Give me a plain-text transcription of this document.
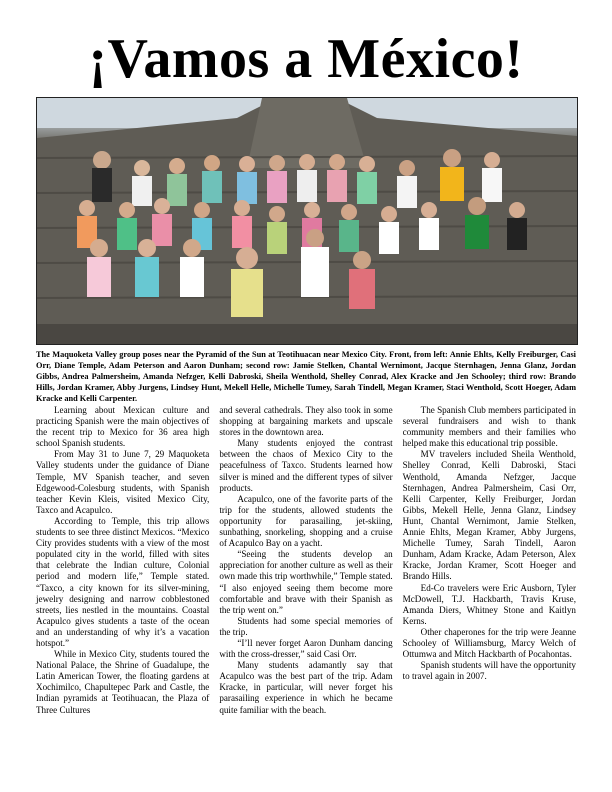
¡Vamos a México!
The Maquoketa Valley group poses near the Pyramid of the Sun at Teotihuacan near Mexico City. Front, from left: Annie Ehlts, Kelly Freiburger, Casi Orr, Diane Temple, Adam Peterson and Aaron Dunham; second row: Jamie Stelken, Chantal Wernimont, Jacque Sternhagen, Jenna Glanz, Jordan Gibbs, Andrea Palmersheim, Amanda Nefzger, Kelli Dabroski, Sheila Wenthold, Shelley Conrad, Alex Kracke and Jen Schooley; third row: Brando Hills, Jordan Kramer, Abby Jurgens, Lindsey Hunt, Mekell Helle, Michelle Tumey, Sarah Tindell, Megan Kramer, Staci Wenthold, Scott Hoeger, Adam Kracke and Kelli Carpenter.

Learning about Mexican culture and practicing Spanish were the main objectives of the recent trip to Mexico for 36 area high school Spanish students.

From May 31 to June 7, 29 Maquoketa Valley students under the guidance of Diane Temple, MV Spanish teacher, and seven Edgewood-Colesburg students, with Spanish teacher Kevin Kleis, visited Mexico City, Taxco and Acapulco.

According to Temple, this trip allows students to see three distinct Mexicos. “Mexico City provides students with a view of the most populated city in the world, filled with sites that celebrate the Indian culture, Colonial period and modern life,” Temple stated. “Taxco, a city known for its silver-mining, jewelry designing and narrow cobblestoned streets, lies nestled in the mountains. Coastal Acapulco gives students a taste of the ocean and an understanding of why it’s a vacation hotspot.”

While in Mexico City, students toured the National Palace, the Shrine of Guadalupe, the Latin American Tower, the floating gardens at Xochimilco, Chapultepec Park and Castle, the Indian pyramids at Teotihuacan, the Plaza of Three Cultures

and several cathedrals. They also took in some shopping at bargaining markets and upscale stores in the downtown area.

Many students enjoyed the contrast between the chaos of Mexico City to the peacefulness of Taxco. Students learned how silver is mined and the different types of silver products.

Acapulco, one of the favorite parts of the trip for the students, allowed students the opportunity for parasailing, jet-skiing, sunbathing, snorkeling, shopping and a cruise of Acapulco Bay on a yacht.

“Seeing the students develop an appreciation for another culture as well as their own made this trip worthwhile,” Temple stated. “I also enjoyed seeing them become more comfortable and brave with their Spanish as the trip went on.”

Students had some special memories of the trip.

“I’ll never forget Aaron Dunham dancing with the cross-dresser,” said Casi Orr.

Many students adamantly say that Acapulco was the best part of the trip. Adam Kracke, in particular, will never forget his parasailing experience in which he became quite familiar with the beach.

The Spanish Club members participated in several fundraisers and wish to thank community members and their families who helped make this educational trip possible.

MV travelers included Sheila Wenthold, Shelley Conrad, Kelli Dabroski, Staci Wenthold, Amanda Nefzger, Jacque Sternhagen, Andrea Palmersheim, Casi Orr, Kelli Carpenter, Kelly Freiburger, Jordan Gibbs, Mekell Helle, Jenna Glanz, Lindsey Hunt, Chantal Wernimont, Jamie Stelken, Annie Ehlts, Megan Kramer, Abby Jurgens, Michelle Tumey, Sarah Tindell, Aaron Dunham, Adam Kracke, Adam Peterson, Alex Kracke, Jordan Kramer, Scott Hoeger and Brando Hills.

Ed-Co travelers were Eric Ausborn, Tyler McDowell, T.J. Hackbarth, Travis Kruse, Amanda Diers, Whitney Stone and Kaitlyn Kerns.

Other chaperones for the trip were Jeanne Schooley of Williamsburg, Marcy Welch of Ottumwa and Mitch Hackbarth of Pocahontas.

Spanish students will have the opportunity to travel again in 2007.
